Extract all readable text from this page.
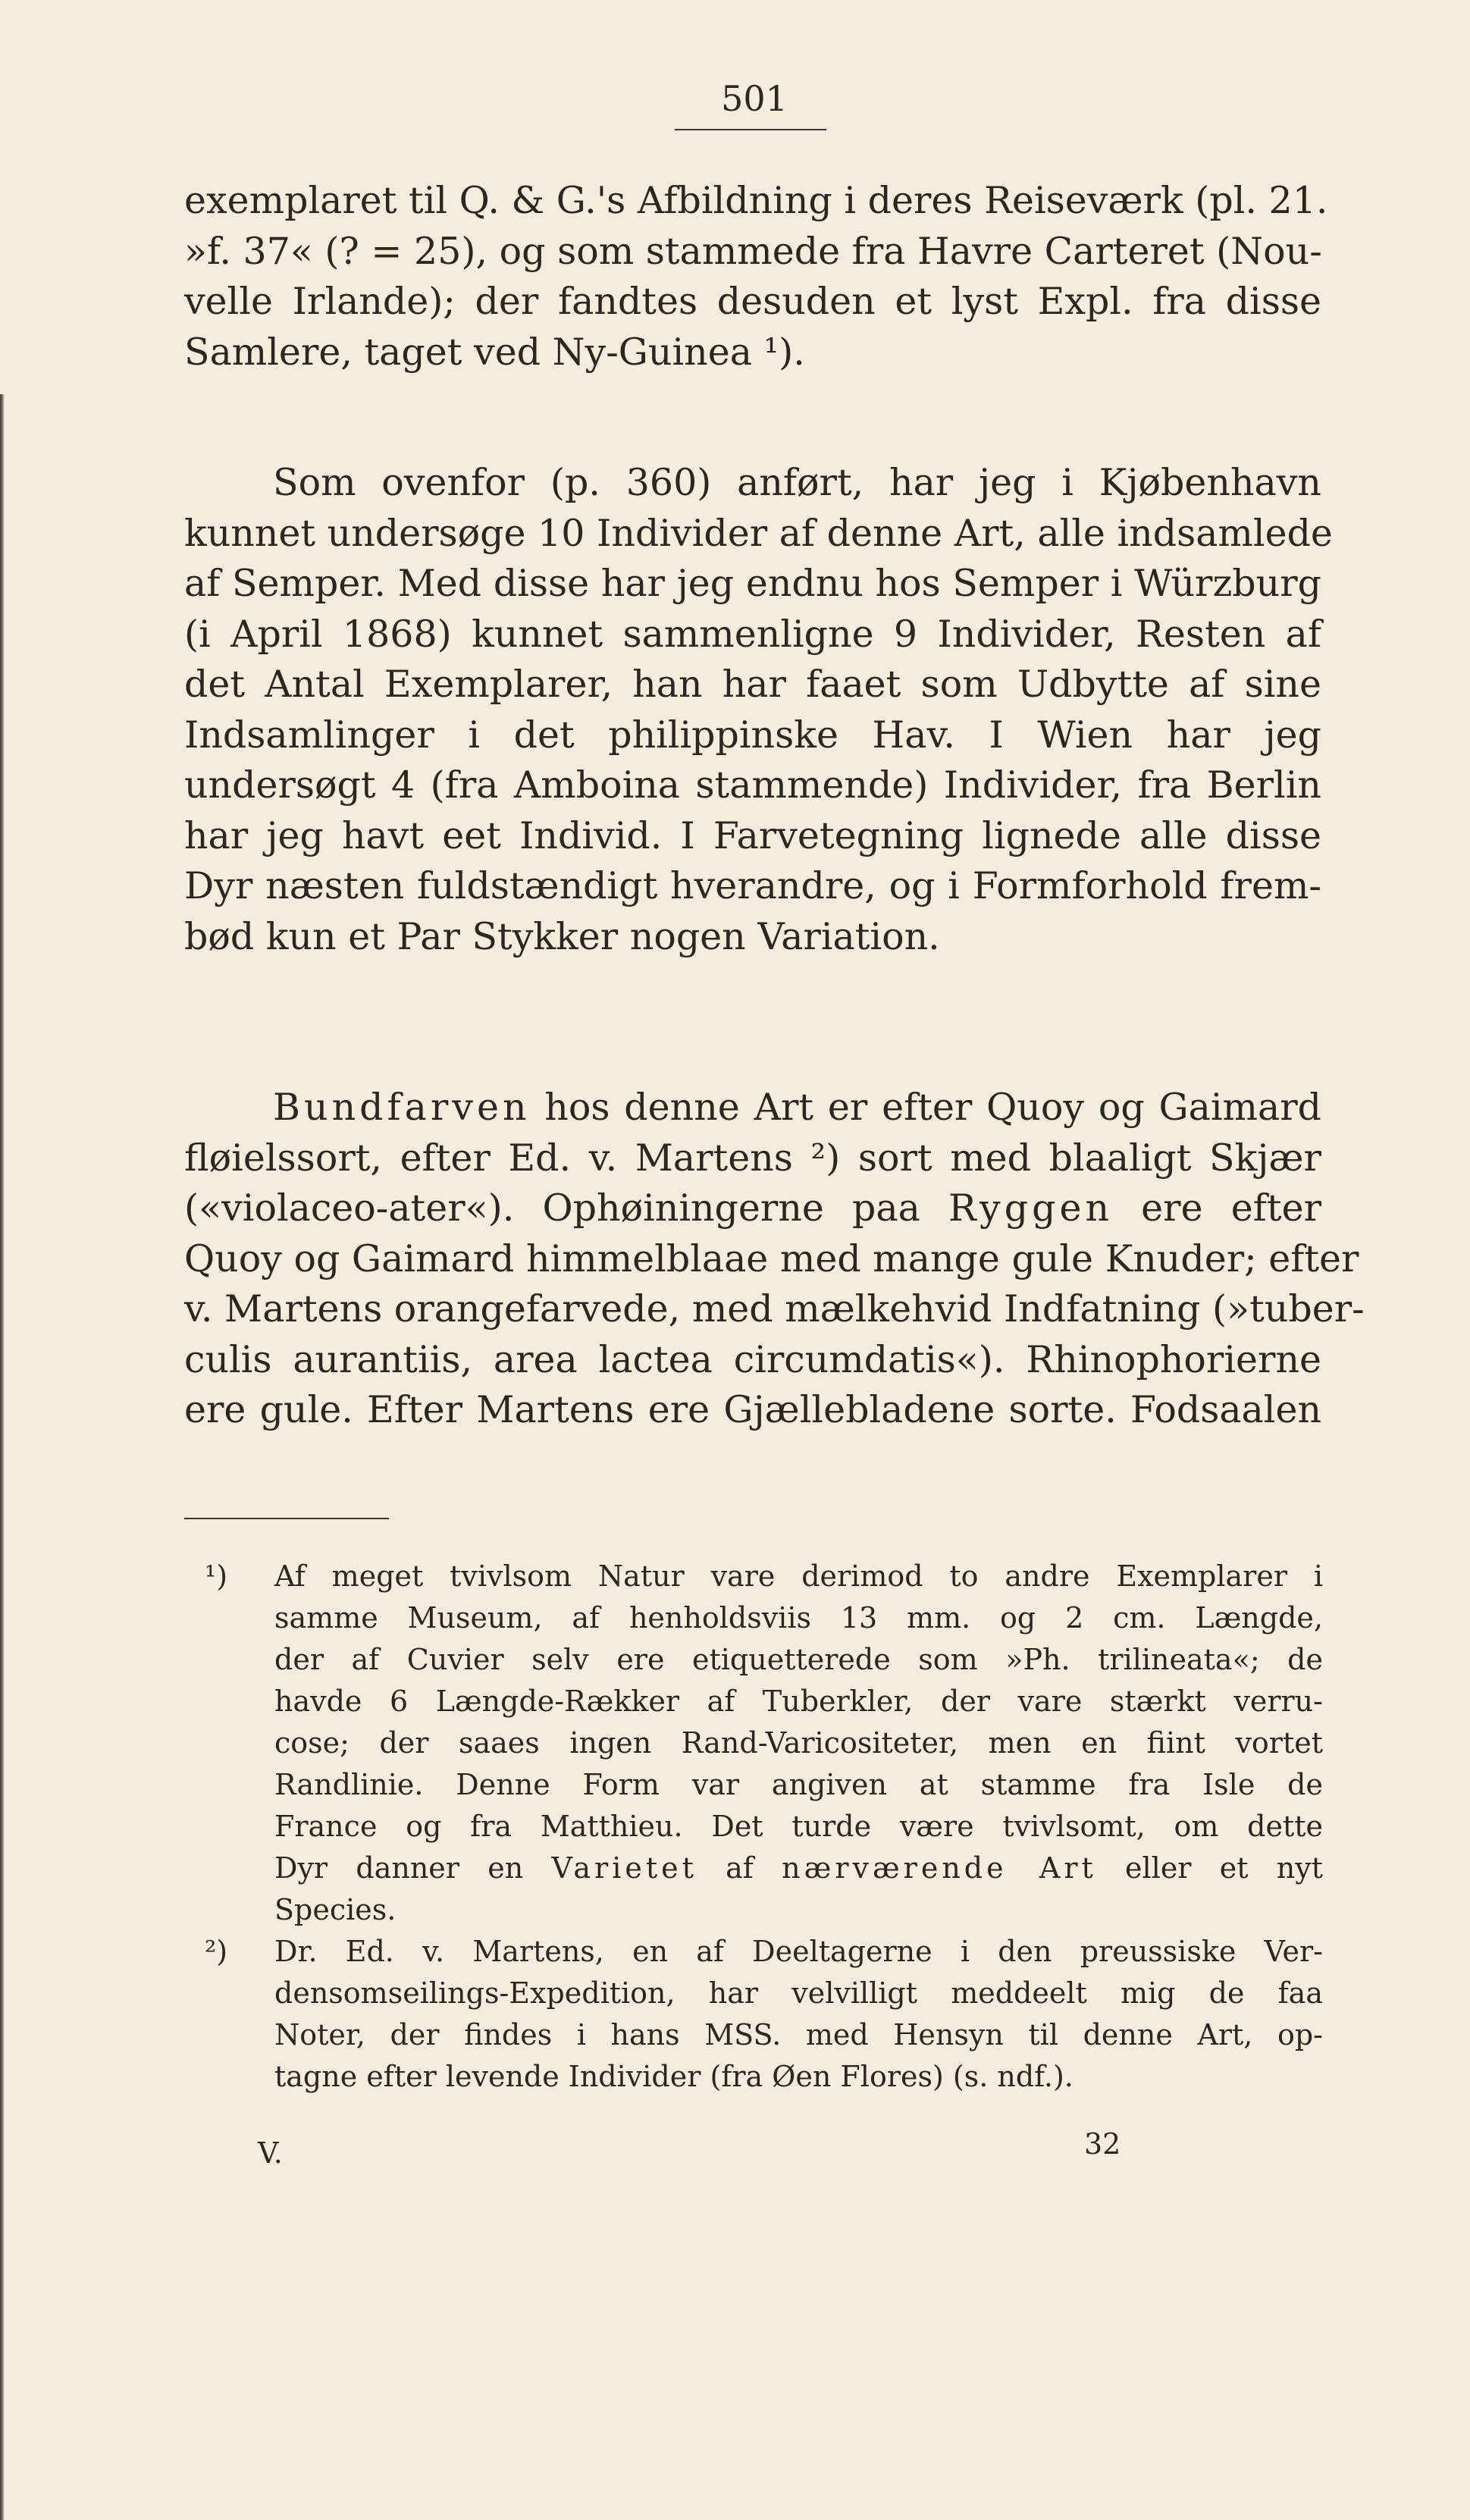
501
exemplaret til Q. & G.'s Afbildning i deres Reiseværk (pl. 21.
»f. 37« (? = 25), og som stammede fra Havre Carteret (Nou-
velle Irlande); der fandtes desuden et lyst Expl. fra disse
Samlere, taget ved Ny-Guinea ¹).
Som ovenfor (p. 360) anført, har jeg i Kjøbenhavn
kunnet undersøge 10 Individer af denne Art, alle indsamlede
af Semper. Med disse har jeg endnu hos Semper i Würzburg
(i April 1868) kunnet sammenligne 9 Individer, Resten af
det Antal Exemplarer, han har faaet som Udbytte af sine
Indsamlinger i det philippinske Hav. I Wien har jeg
undersøgt 4 (fra Amboina stammende) Individer, fra Berlin
har jeg havt eet Individ. I Farvetegning lignede alle disse
Dyr næsten fuldstændigt hverandre, og i Formforhold frem-
bød kun et Par Stykker nogen Variation.
Bundfarven hos denne Art er efter Quoy og Gaimard
fløielssort, efter Ed. v. Martens ²) sort med blaaligt Skjær
(«violaceo-ater«). Ophøiningerne paa Ryggen ere efter
Quoy og Gaimard himmelblaae med mange gule Knuder; efter
v. Martens orangefarvede, med mælkehvid Indfatning (»tuber-
culis aurantiis, area lactea circumdatis«). Rhinophorierne
ere gule. Efter Martens ere Gjællebladene sorte. Fodsaalen
¹) Af meget tvivlsom Natur vare derimod to andre Exemplarer i
samme Museum, af henholdsviis 13 mm. og 2 cm. Længde,
der af Cuvier selv ere etiquetterede som »Ph. trilineata«; de
havde 6 Længde-Rækker af Tuberkler, der vare stærkt verru-
cose; der saaes ingen Rand-Varicositeter, men en fiint vortet
Randlinie. Denne Form var angiven at stamme fra Isle de
France og fra Matthieu. Det turde være tvivlsomt, om dette
Dyr danner en Varietet af nærværende Art eller et nyt
Species.
²) Dr. Ed. v. Martens, en af Deeltagerne i den preussiske Ver-
densomseilings-Expedition, har velvilligt meddeelt mig de faa
Noter, der findes i hans MSS. med Hensyn til denne Art, op-
tagne efter levende Individer (fra Øen Flores) (s. ndf.).
V.	32
